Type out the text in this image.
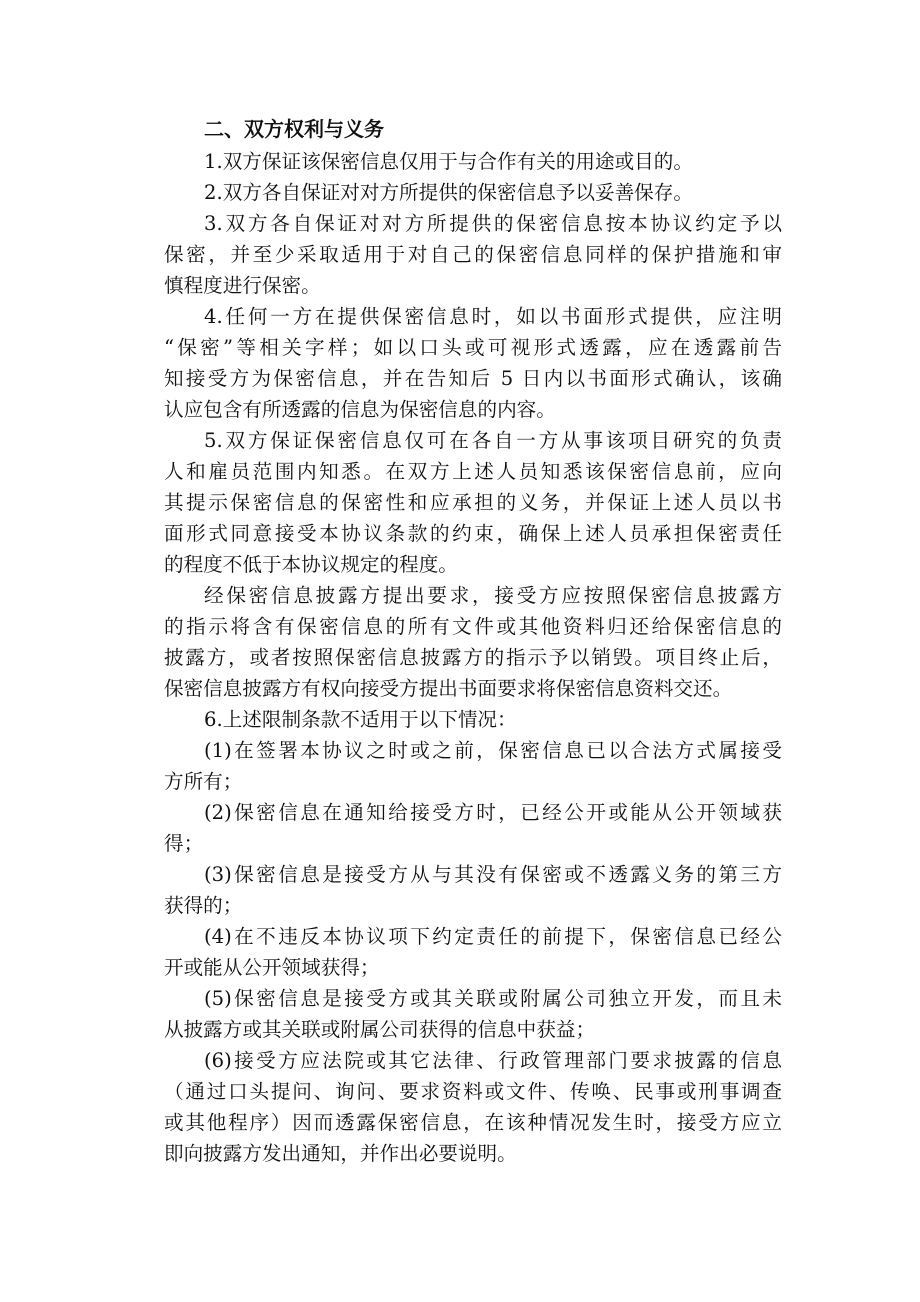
二、双方权利与义务

1.双方保证该保密信息仅用于与合作有关的用途或目的。

2.双方各自保证对对方所提供的保密信息予以妥善保存。

3.双方各自保证对对方所提供的保密信息按本协议约定予以
保密，并至少采取适用于对自己的保密信息同样的保护措施和审
慎程度进行保密。

4.任何一方在提供保密信息时，如以书面形式提供，应注明
“保密”等相关字样；如以口头或可视形式透露，应在透露前告
知接受方为保密信息，并在告知后 5 日内以书面形式确认，该确
认应包含有所透露的信息为保密信息的内容。

5.双方保证保密信息仅可在各自一方从事该项目研究的负责
人和雇员范围内知悉。在双方上述人员知悉该保密信息前，应向
其提示保密信息的保密性和应承担的义务，并保证上述人员以书
面形式同意接受本协议条款的约束，确保上述人员承担保密责任
的程度不低于本协议规定的程度。

经保密信息披露方提出要求，接受方应按照保密信息披露方
的指示将含有保密信息的所有文件或其他资料归还给保密信息的
披露方，或者按照保密信息披露方的指示予以销毁。项目终止后，
保密信息披露方有权向接受方提出书面要求将保密信息资料交还。

6.上述限制条款不适用于以下情况：

(1)在签署本协议之时或之前，保密信息已以合法方式属接受
方所有；

(2)保密信息在通知给接受方时，已经公开或能从公开领域获
得；

(3)保密信息是接受方从与其没有保密或不透露义务的第三方
获得的；

(4)在不违反本协议项下约定责任的前提下，保密信息已经公
开或能从公开领域获得；

(5)保密信息是接受方或其关联或附属公司独立开发，而且未
从披露方或其关联或附属公司获得的信息中获益；

(6)接受方应法院或其它法律、行政管理部门要求披露的信息
（通过口头提问、询问、要求资料或文件、传唤、民事或刑事调查
或其他程序）因而透露保密信息，在该种情况发生时，接受方应立
即向披露方发出通知，并作出必要说明。
